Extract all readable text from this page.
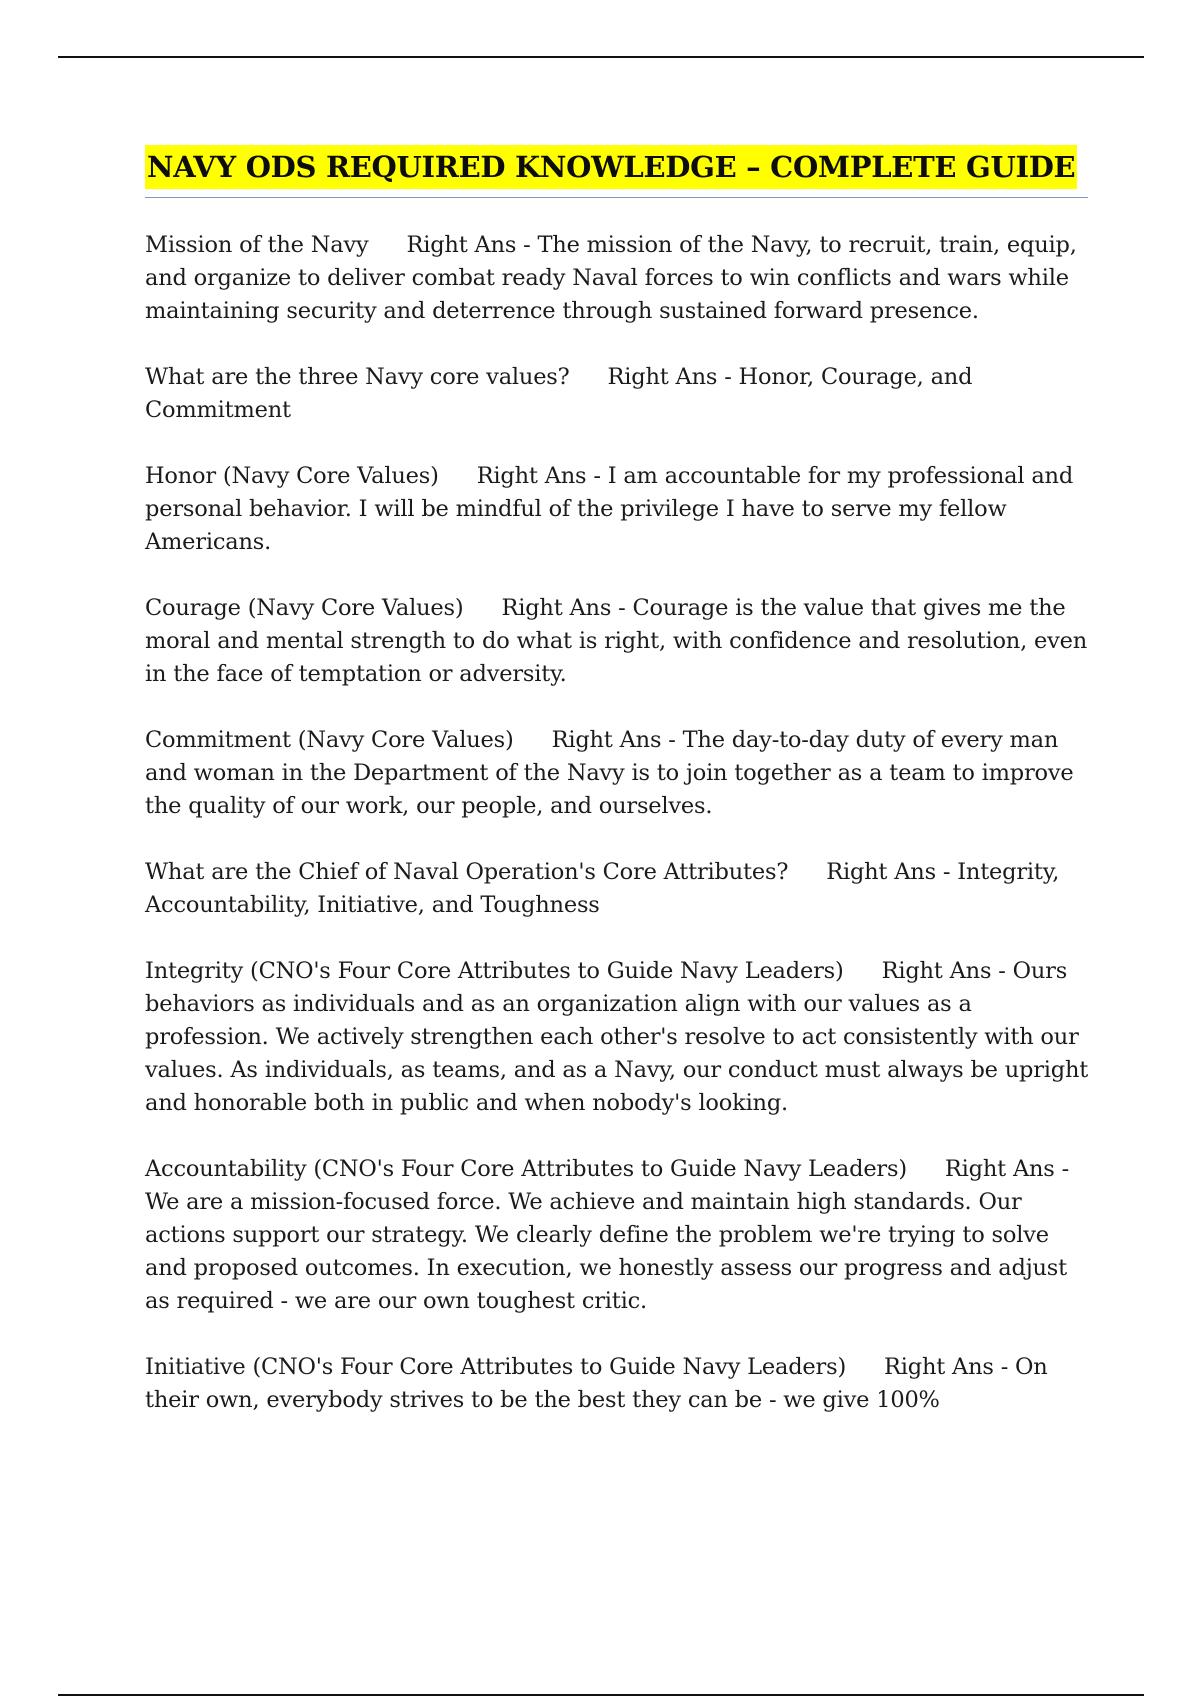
NAVY ODS REQUIRED KNOWLEDGE – COMPLETE GUIDE

Mission of the Navy Right Ans - The mission of the Navy, to recruit, train, equip, and organize to deliver combat ready Naval forces to win conflicts and wars while maintaining security and deterrence through sustained forward presence.

What are the three Navy core values? Right Ans - Honor, Courage, and Commitment

Honor (Navy Core Values) Right Ans - I am accountable for my professional and personal behavior. I will be mindful of the privilege I have to serve my fellow Americans.

Courage (Navy Core Values) Right Ans - Courage is the value that gives me the moral and mental strength to do what is right, with confidence and resolution, even in the face of temptation or adversity.

Commitment (Navy Core Values) Right Ans - The day-to-day duty of every man and woman in the Department of the Navy is to join together as a team to improve the quality of our work, our people, and ourselves.

What are the Chief of Naval Operation's Core Attributes? Right Ans - Integrity, Accountability, Initiative, and Toughness

Integrity (CNO's Four Core Attributes to Guide Navy Leaders) Right Ans - Ours behaviors as individuals and as an organization align with our values as a profession. We actively strengthen each other's resolve to act consistently with our values. As individuals, as teams, and as a Navy, our conduct must always be upright and honorable both in public and when nobody's looking.

Accountability (CNO's Four Core Attributes to Guide Navy Leaders) Right Ans - We are a mission-focused force. We achieve and maintain high standards. Our actions support our strategy. We clearly define the problem we're trying to solve and proposed outcomes. In execution, we honestly assess our progress and adjust as required - we are our own toughest critic.

Initiative (CNO's Four Core Attributes to Guide Navy Leaders) Right Ans - On their own, everybody strives to be the best they can be - we give 100%
